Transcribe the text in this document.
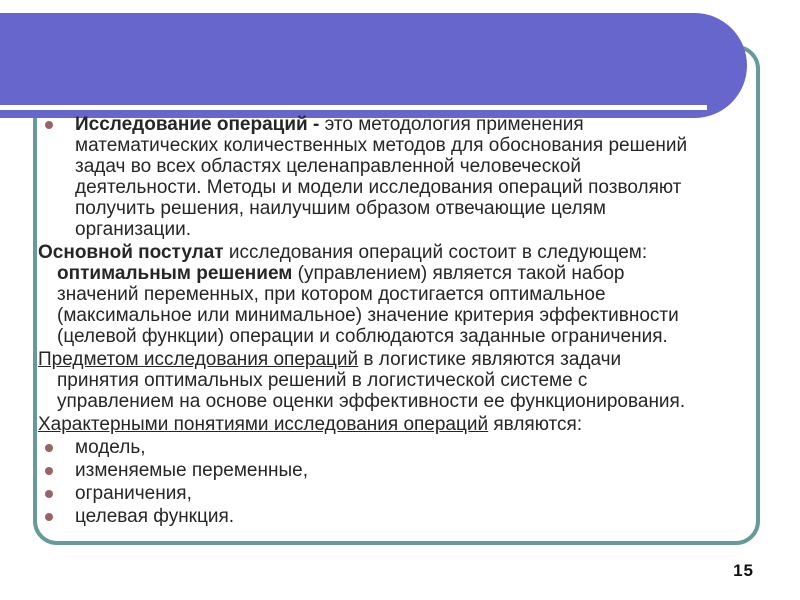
Исследование операций - это методология применения
математических количественных методов для обоснования решений
задач во всех областях целенаправленной человеческой
деятельности. Методы и модели исследования операций позволяют
получить решения, наилучшим образом отвечающие целям
организации.
Основной постулат исследования операций состоит в следующем:
оптимальным решением (управлением) является такой набор
значений переменных, при котором достигается оптимальное
(максимальное или минимальное) значение критерия эффективности
(целевой функции) операции и соблюдаются заданные ограничения.
Предметом исследования операций в логистике являются задачи
принятия оптимальных решений в логистической системе с
управлением на основе оценки эффективности ее функционирования.
Характерными понятиями исследования операций являются:
модель,
изменяемые переменные,
ограничения,
целевая функция.
15
